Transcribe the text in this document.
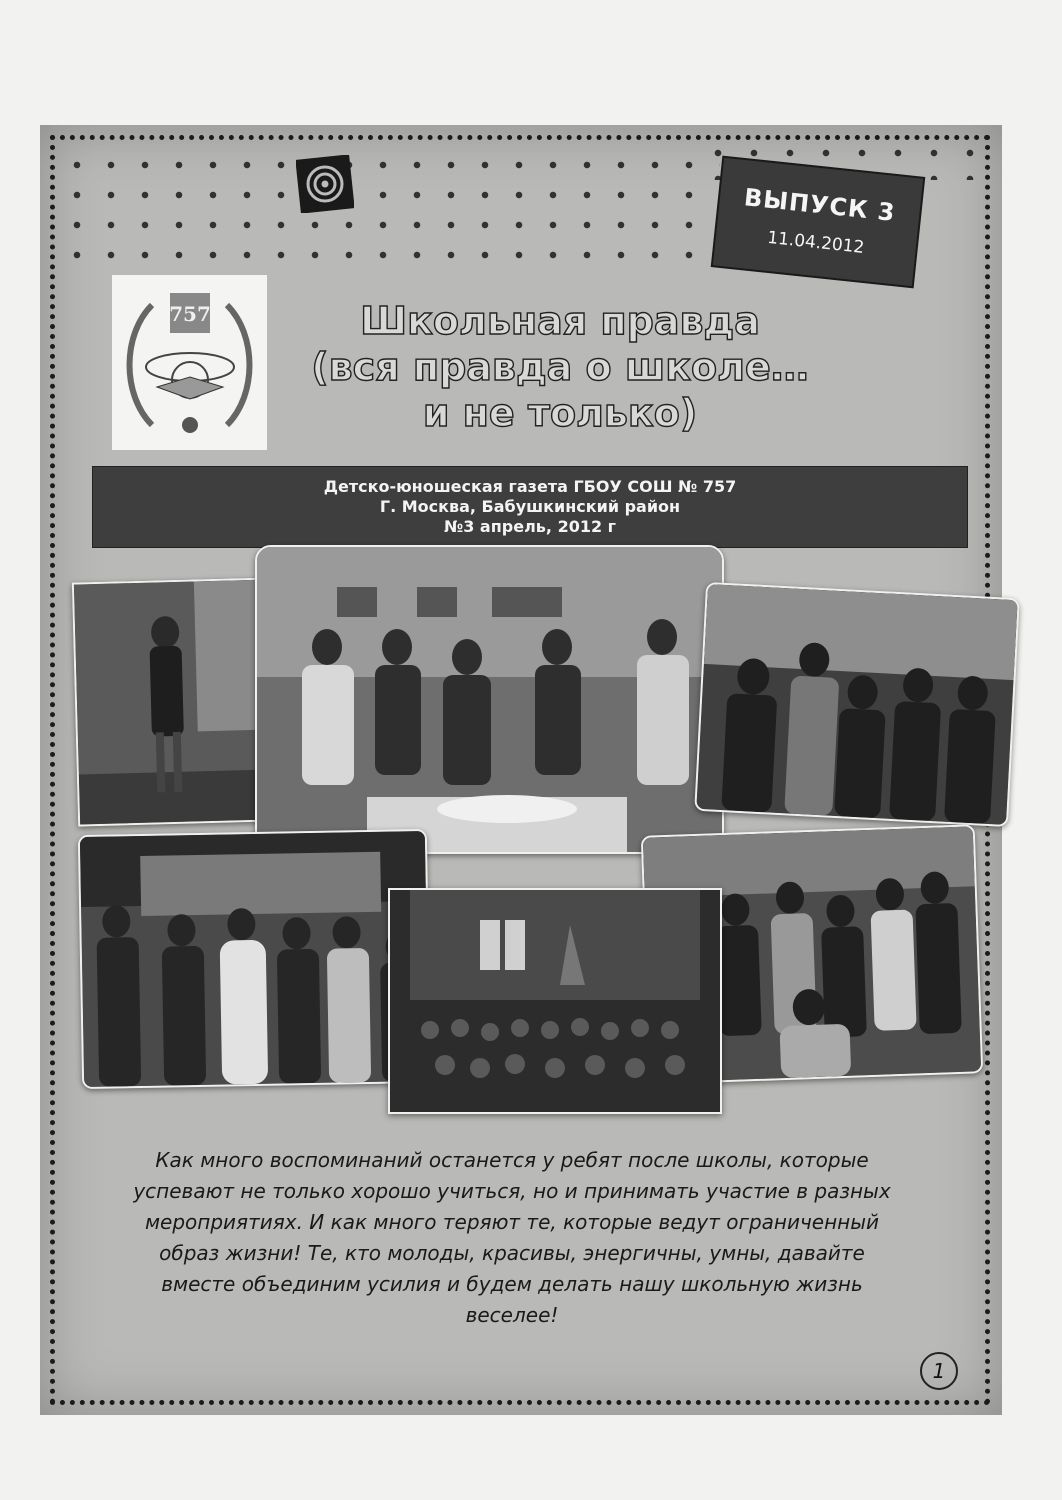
ВЫПУСК 3
11.04.2012
757	Школьная правда
(вся правда о школе…
и не только)
Детско-юношеская газета ГБОУ СОШ № 757
Г. Москва, Бабушкинский район
№3 апрель, 2012 г
Как много воспоминаний останется у ребят после школы, которые
успевают не только хорошо учиться, но и принимать участие в разных
мероприятиях. И как много теряют те, которые ведут ограниченный
образ жизни! Те, кто молоды, красивы, энергичны, умны, давайте
вместе объединим усилия и будем делать нашу школьную жизнь
веселее!
1
